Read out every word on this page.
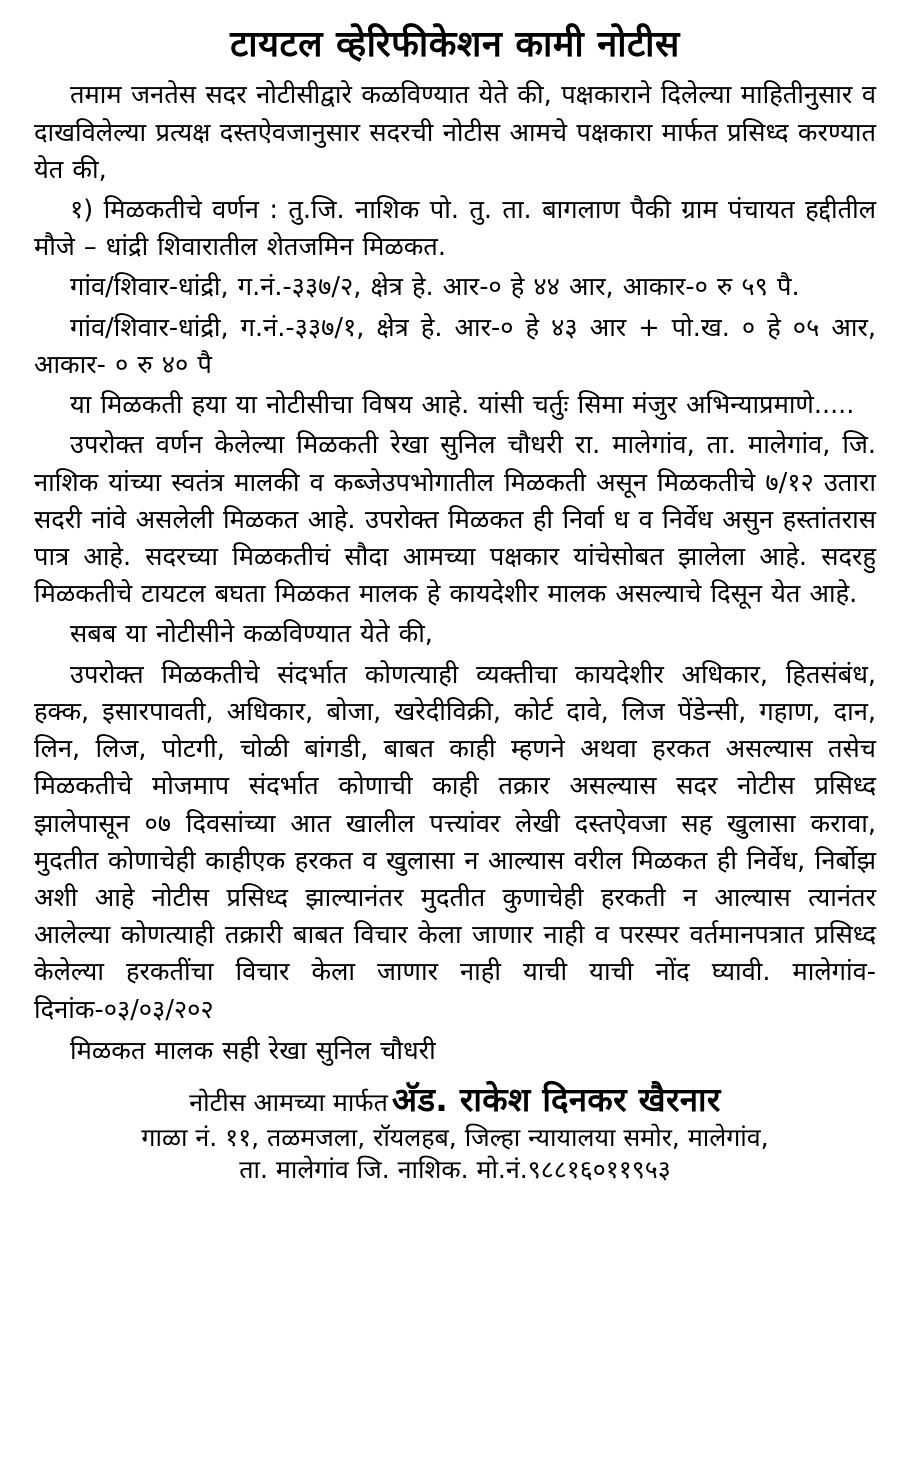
टायटल व्हेरिफीकेशन कामी नोटीस

तमाम जनतेस सदर नोटीसीद्वारे कळविण्यात येते की, पक्षकाराने दिलेल्या माहितीनुसार व दाखविलेल्या प्रत्यक्ष दस्तऐवजानुसार सदरची नोटीस आमचे पक्षकारा मार्फत प्रसिध्द करण्यात येत की,

१) मिळकतीचे वर्णन : तु.जि. नाशिक पो. तु. ता. बागलाण पैकी ग्राम पंचायत हद्दीतील मौजे – धांद्री शिवारातील शेतजमिन मिळकत.

गांव/शिवार-धांद्री, ग.नं.-३३७/२, क्षेत्र हे. आर-० हे ४४ आर, आकार-० रु ५९ पै.

गांव/शिवार-धांद्री, ग.नं.-३३७/१, क्षेत्र हे. आर-० हे ४३ आर + पो.ख. ० हे ०५ आर, आकार- ० रु ४० पै

या मिळकती हया या नोटीसीचा विषय आहे. यांसी चर्तुः सिमा मंजुर अभिन्याप्रमाणे.....

उपरोक्त वर्णन केलेल्या मिळकती रेखा सुनिल चौधरी रा. मालेगांव, ता. मालेगांव, जि. नाशिक यांच्या स्वतंत्र मालकी व कब्जेउपभोगातील मिळकती असून मिळकतीचे ७/१२ उतारा सदरी नांवे असलेली मिळकत आहे. उपरोक्त मिळकत ही निर्वा ध व निर्वेध असुन हस्तांतरास पात्र आहे. सदरच्या मिळकतीचं सौदा आमच्या पक्षकार यांचेसोबत झालेला आहे. सदरहु मिळकतीचे टायटल बघता मिळकत मालक हे कायदेशीर मालक असल्याचे दिसून येत आहे.

सबब या नोटीसीने कळविण्यात येते की,

उपरोक्त मिळकतीचे संदर्भात कोणत्याही व्यक्तीचा कायदेशीर अधिकार, हितसंबंध, हक्क, इसारपावती, अधिकार, बोजा, खरेदीविक्री, कोर्ट दावे, लिज पेंडेन्सी, गहाण, दान, लिन, लिज, पोटगी, चोळी बांगडी, बाबत काही म्हणने अथवा हरकत असल्यास तसेच मिळकतीचे मोजमाप संदर्भात कोणाची काही तक्रार असल्यास सदर नोटीस प्रसिध्द झालेपासून ०७ दिवसांच्या आत खालील पत्त्यांवर लेखी दस्तऐवजा सह खुलासा करावा, मुदतीत कोणाचेही काहीएक हरकत व खुलासा न आल्यास वरील मिळकत ही निर्वेध, निर्बोझ अशी आहे नोटीस प्रसिध्द झाल्यानंतर मुदतीत कुणाचेही हरकती न आल्यास त्यानंतर आलेल्या कोणत्याही तक्रारी बाबत विचार केला जाणार नाही व परस्पर वर्तमानपत्रात प्रसिध्द केलेल्या हरकतींचा विचार केला जाणार नाही याची याची नोंद घ्यावी. मालेगांव-दिनांक-०३/०३/२०२

मिळकत मालक सही रेखा सुनिल चौधरी

नोटीस आमच्या मार्फत अ‍ॅड. राकेश दिनकर खैरनार
गाळा नं. ११, तळमजला, रॉयलहब, जिल्हा न्यायालया समोर, मालेगांव,
ता. मालेगांव जि. नाशिक. मो.नं.९८८१६०११९५३
